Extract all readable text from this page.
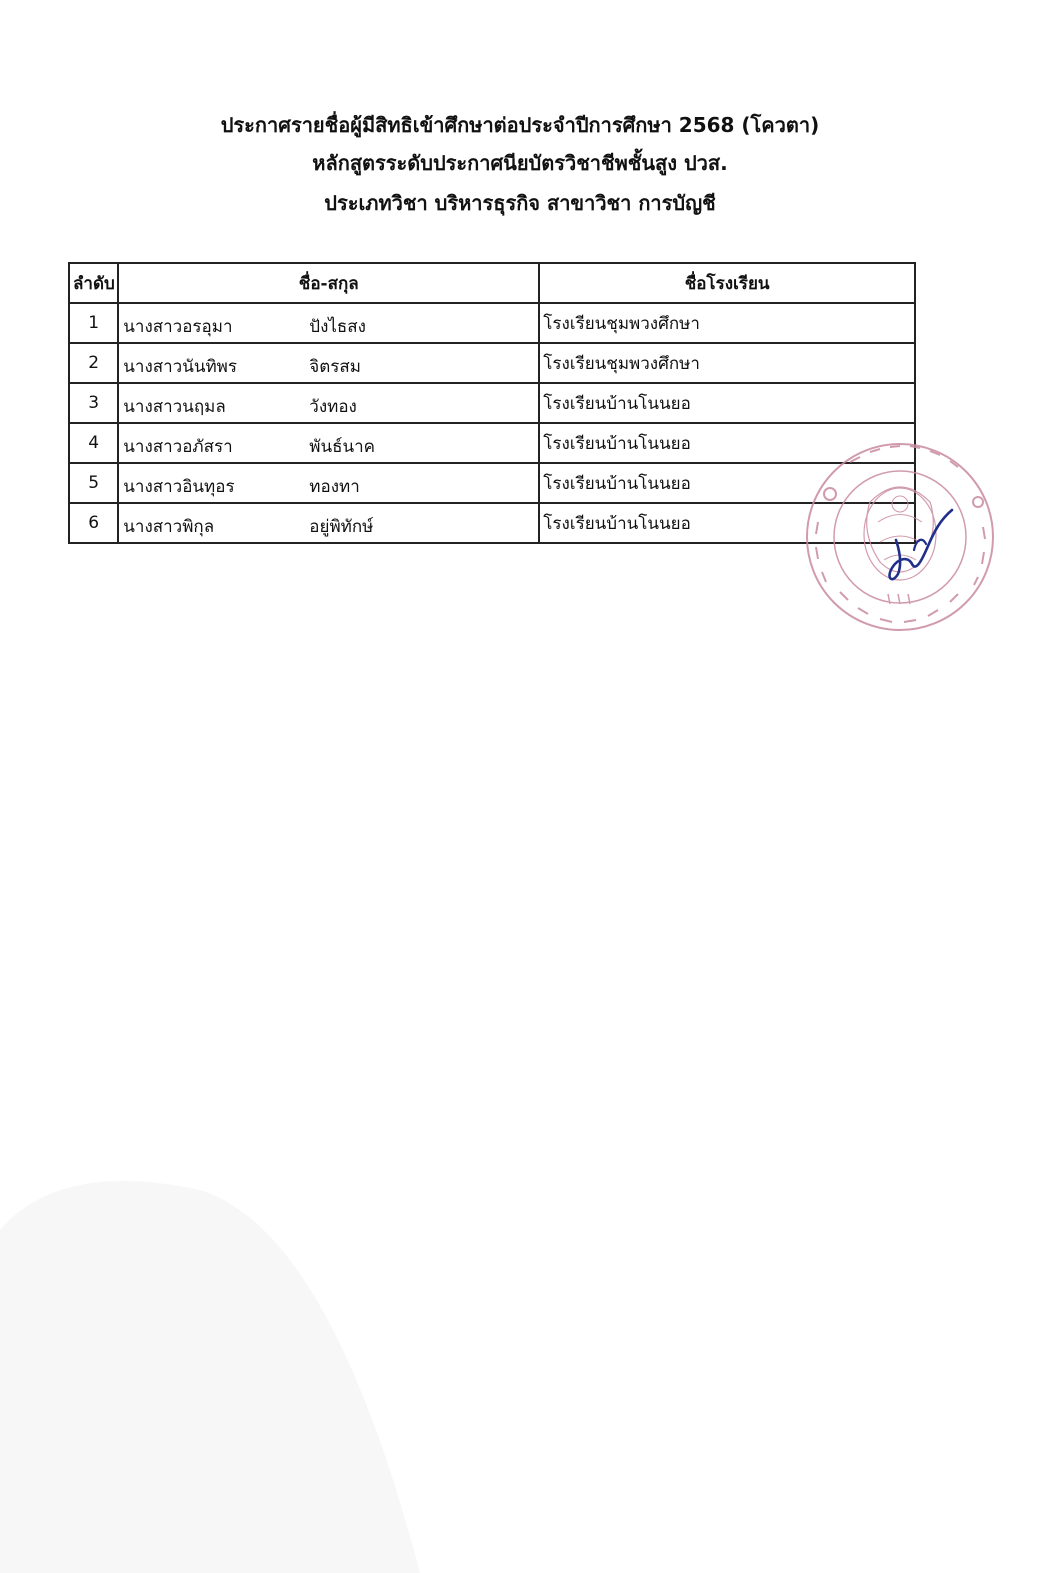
ประกาศรายชื่อผู้มีสิทธิเข้าศึกษาต่อประจำปีการศึกษา 2568 (โควตา)
หลักสูตรระดับประกาศนียบัตรวิชาชีพชั้นสูง ปวส.
ประเภทวิชา บริหารธุรกิจ สาขาวิชา การบัญชี
ลำดับ	ชื่อ-สกุล	ชื่อโรงเรียน
1	นางสาวอรอุมา	ปังไธสง	โรงเรียนชุมพวงศึกษา
2	นางสาวนันทิพร	จิตรสม	โรงเรียนชุมพวงศึกษา
3	นางสาวนฤมล	วังทอง	โรงเรียนบ้านโนนยอ
4	นางสาวอภัสรา	พันธ์นาค	โรงเรียนบ้านโนนยอ
5	นางสาวอินทุอร	ทองทา	โรงเรียนบ้านโนนยอ
6	นางสาวพิกุล	อยู่พิทักษ์	โรงเรียนบ้านโนนยอ
